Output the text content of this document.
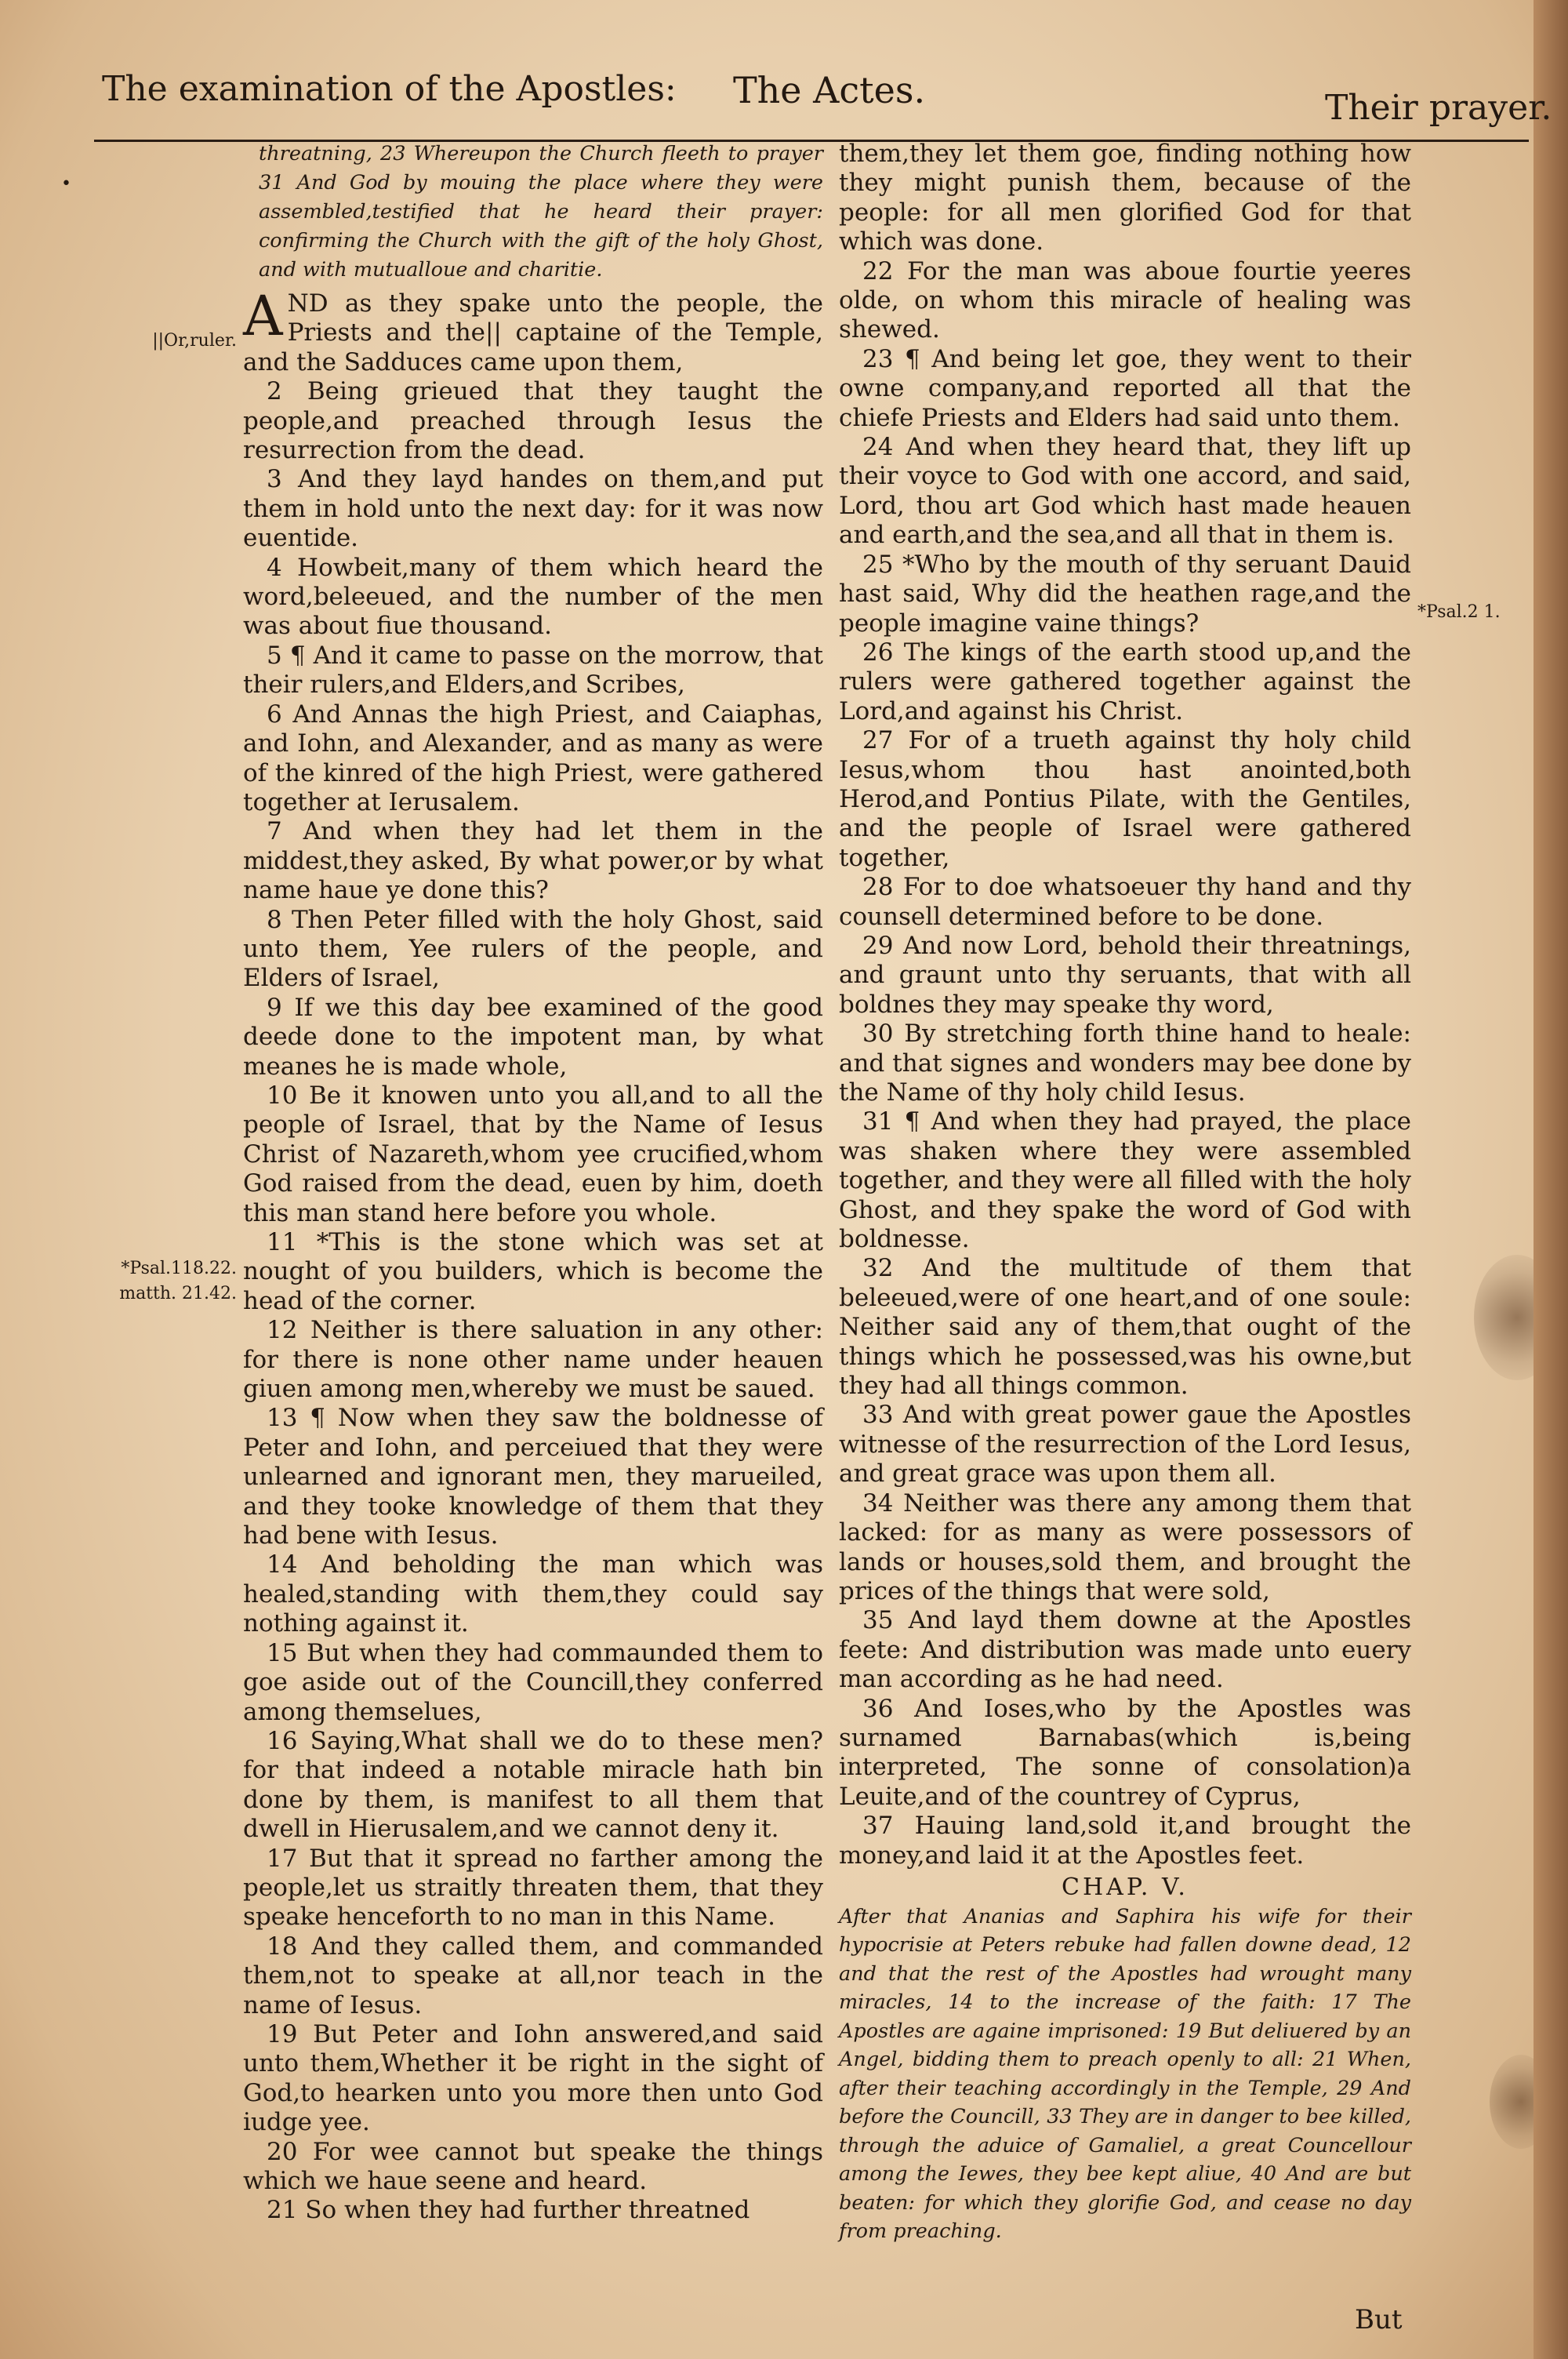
The examination of the Apostles: The Actes.	Their prayer.
•
||Or,ruler.
*Psal.118.22.
matth. 21.42.
*Psal.2 1.
threatning, 23 Whereupon the Church fleeth to prayer 31 And God by mouing the place where they were assembled,testified that he heard their prayer: confirming the Church with the gift of the holy Ghost, and with mutualloue and charitie.

AND as they spake unto the people, the Priests and the|| captaine of the Temple, and the Sadduces came upon them,

2 Being grieued that they taught the people,and preached through Iesus the resurrection from the dead.

3 And they layd handes on them,and put them in hold unto the next day: for it was now euentide.

4 Howbeit,many of them which heard the word,beleeued, and the number of the men was about fiue thousand.

5 ¶ And it came to passe on the morrow, that their rulers,and Elders,and Scribes,

6 And Annas the high Priest, and Caiaphas, and Iohn, and Alexander, and as many as were of the kinred of the high Priest, were gathered together at Ierusalem.

7 And when they had let them in the middest,they asked, By what power,or by what name haue ye done this?

8 Then Peter filled with the holy Ghost, said unto them, Yee rulers of the people, and Elders of Israel,

9 If we this day bee examined of the good deede done to the impotent man, by what meanes he is made whole,

10 Be it knowen unto you all,and to all the people of Israel, that by the Name of Iesus Christ of Nazareth,whom yee crucified,whom God raised from the dead, euen by him, doeth this man stand here before you whole.

11 *This is the stone which was set at nought of you builders, which is become the head of the corner.

12 Neither is there saluation in any other: for there is none other name under heauen giuen among men,whereby we must be saued.

13 ¶ Now when they saw the boldnesse of Peter and Iohn, and perceiued that they were unlearned and ignorant men, they marueiled, and they tooke knowledge of them that they had bene with Iesus.

14 And beholding the man which was healed,standing with them,they could say nothing against it.

15 But when they had commaunded them to goe aside out of the Councill,they conferred among themselues,

16 Saying,What shall we do to these men? for that indeed a notable miracle hath bin done by them, is manifest to all them that dwell in Hierusalem,and we cannot deny it.

17 But that it spread no farther among the people,let us straitly threaten them, that they speake henceforth to no man in this Name.

18 And they called them, and commanded them,not to speake at all,nor teach in the name of Iesus.

19 But Peter and Iohn answered,and said unto them,Whether it be right in the sight of God,to hearken unto you more then unto God iudge yee.

20 For wee cannot but speake the things which we haue seene and heard.

21 So when they had further threatned

them,they let them goe, finding nothing how they might punish them, because of the people: for all men glorified God for that which was done.

22 For the man was aboue fourtie yeeres olde, on whom this miracle of healing was shewed.

23 ¶ And being let goe, they went to their owne company,and reported all that the chiefe Priests and Elders had said unto them.

24 And when they heard that, they lift up their voyce to God with one accord, and said, Lord, thou art God which hast made heauen and earth,and the sea,and all that in them is.

25 *Who by the mouth of thy seruant Dauid hast said, Why did the heathen rage,and the people imagine vaine things?

26 The kings of the earth stood up,and the rulers were gathered together against the Lord,and against his Christ.

27 For of a trueth against thy holy child Iesus,whom thou hast anointed,both Herod,and Pontius Pilate, with the Gentiles, and the people of Israel were gathered together,

28 For to doe whatsoeuer thy hand and thy counsell determined before to be done.

29 And now Lord, behold their threatnings, and graunt unto thy seruants, that with all boldnes they may speake thy word,

30 By stretching forth thine hand to heale: and that signes and wonders may bee done by the Name of thy holy child Iesus.

31 ¶ And when they had prayed, the place was shaken where they were assembled together, and they were all filled with the holy Ghost, and they spake the word of God with boldnesse.

32 And the multitude of them that beleeued,were of one heart,and of one soule: Neither said any of them,that ought of the things which he possessed,was his owne,but they had all things common.

33 And with great power gaue the Apostles witnesse of the resurrection of the Lord Iesus, and great grace was upon them all.

34 Neither was there any among them that lacked: for as many as were possessors of lands or houses,sold them, and brought the prices of the things that were sold,

35 And layd them downe at the Apostles feete: And distribution was made unto euery man according as he had need.

36 And Ioses,who by the Apostles was surnamed Barnabas(which is,being interpreted, The sonne of consolation)a Leuite,and of the countrey of Cyprus,

37 Hauing land,sold it,and brought the money,and laid it at the Apostles feet.

CHAP. V.

After that Ananias and Saphira his wife for their hypocrisie at Peters rebuke had fallen downe dead, 12 and that the rest of the Apostles had wrought many miracles, 14 to the increase of the faith: 17 The Apostles are againe imprisoned: 19 But deliuered by an Angel, bidding them to preach openly to all: 21 When, after their teaching accordingly in the Temple, 29 And before the Councill, 33 They are in danger to bee killed, through the aduice of Gamaliel, a great Councellour among the Iewes, they bee kept aliue, 40 And are but beaten: for which they glorifie God, and cease no day from preaching.

But
